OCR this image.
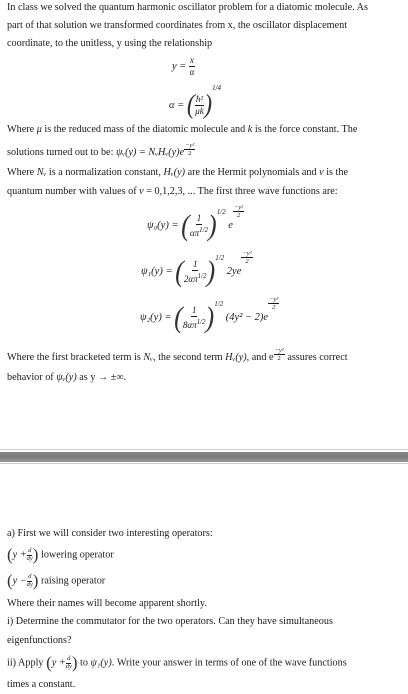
In class we solved the quantum harmonic oscillator problem for a diatomic molecule. As
part of that solution we transformed coordinates from x, the oscillator displacement
coordinate, to the unitless, y using the relationship
$y = \frac{x}{\alpha}$
α = ( $\frac{\text{ħ²}}{\mu k} )^{1/4}$
Where μ is the reduced mass of the diatomic molecule and k is the force constant. The
solutions turned out to be: ψᵥ(y) = NᵥHᵥ(y)e $\frac{\text{−y²}}{2}$
Where Nᵥ is a normalization constant, Hᵥ(y) are the Hermit polynomials and v is the
quantum number with values of v = 0,1,2,3, ... The first three wave functions are:
ψ₀(y) = ( $\frac{1}{\alpha\pi^{1/2}} )^{1/2}$ e
$\frac{\text{−y²}}{2}$
ψ₁(y) = ( $\frac{1}{2\alpha\pi^{1/2}} )^{1/2}$ 2ye
$\frac{\text{−y²}}{2}$
ψ₂(y) = ( $\frac{1}{8\alpha\pi^{1/2}} )^{1/2}$ (4y² − 2)e
$\frac{\text{−y²}}{2}$
Where the first bracketed term is Nᵥ, the second term Hᵥ(y), and e
−y²
2 assures correct
behavior of ψᵥ(y) as y → ±∞.
a) First we will consider two interesting operators:
($y + \frac{d}{dy}$ ) lowering operator
($y - \frac{d}{dy}$ ) raising operator
Where their names will become apparent shortly.
i) Determine the commutator for the two operators. Can they have simultaneous
eigenfunctions?
ii) Apply ($y + \frac{d}{dy}$ ) to ψ₁(y). Write your answer in terms of one of the wave functions
times a constant.
